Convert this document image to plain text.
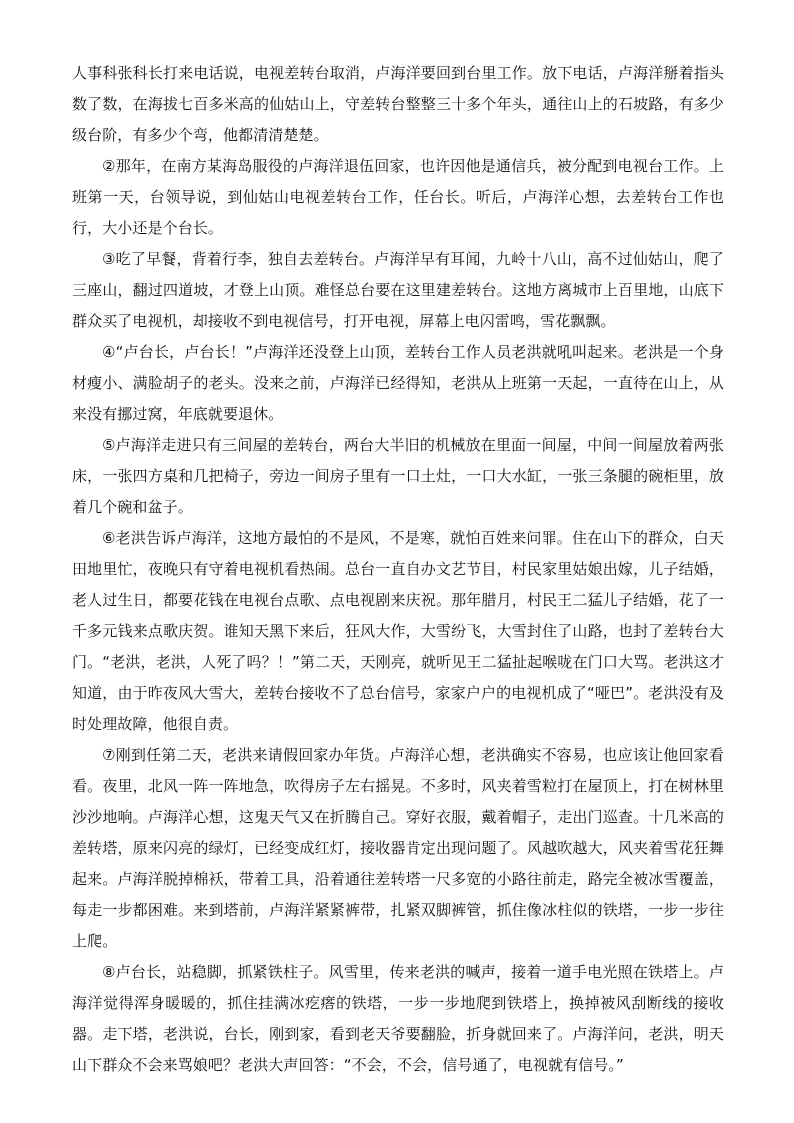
人事科张科长打来电话说，电视差转台取消，卢海洋要回到台里工作。放下电话，卢海洋掰着指头数了数，在海拔七百多米高的仙姑山上，守差转台整整三十多个年头，通往山上的石坡路，有多少级台阶，有多少个弯，他都清清楚楚。

②那年，在南方某海岛服役的卢海洋退伍回家，也许因他是通信兵，被分配到电视台工作。上班第一天，台领导说，到仙姑山电视差转台工作，任台长。听后，卢海洋心想，去差转台工作也行，大小还是个台长。

③吃了早餐，背着行李，独自去差转台。卢海洋早有耳闻，九岭十八山，高不过仙姑山，爬了三座山，翻过四道坡，才登上山顶。难怪总台要在这里建差转台。这地方离城市上百里地，山底下群众买了电视机，却接收不到电视信号，打开电视，屏幕上电闪雷鸣，雪花飘飘。

④“卢台长，卢台长！”卢海洋还没登上山顶，差转台工作人员老洪就吼叫起来。老洪是一个身材瘦小、满脸胡子的老头。没来之前，卢海洋已经得知，老洪从上班第一天起，一直待在山上，从来没有挪过窝，年底就要退休。

⑤卢海洋走进只有三间屋的差转台，两台大半旧的机械放在里面一间屋，中间一间屋放着两张床，一张四方桌和几把椅子，旁边一间房子里有一口土灶，一口大水缸，一张三条腿的碗柜里，放着几个碗和盆子。

⑥老洪告诉卢海洋，这地方最怕的不是风，不是寒，就怕百姓来问罪。住在山下的群众，白天田地里忙，夜晚只有守着电视机看热闹。总台一直自办文艺节目，村民家里姑娘出嫁，儿子结婚，老人过生日，都要花钱在电视台点歌、点电视剧来庆祝。那年腊月，村民王二猛儿子结婚，花了一千多元钱来点歌庆贺。谁知天黑下来后，狂风大作，大雪纷飞，大雪封住了山路，也封了差转台大门。“老洪，老洪，人死了吗？！”第二天，天刚亮，就听见王二猛扯起喉咙在门口大骂。老洪这才知道，由于昨夜风大雪大，差转台接收不了总台信号，家家户户的电视机成了“哑巴”。老洪没有及时处理故障，他很自责。

⑦刚到任第二天，老洪来请假回家办年货。卢海洋心想，老洪确实不容易，也应该让他回家看看。夜里，北风一阵一阵地急，吹得房子左右摇晃。不多时，风夹着雪粒打在屋顶上，打在树林里沙沙地响。卢海洋心想，这鬼天气又在折腾自己。穿好衣服，戴着帽子，走出门巡查。十几米高的差转塔，原来闪亮的绿灯，已经变成红灯，接收器肯定出现问题了。风越吹越大，风夹着雪花狂舞起来。卢海洋脱掉棉袄，带着工具，沿着通往差转塔一尺多宽的小路往前走，路完全被冰雪覆盖，每走一步都困难。来到塔前，卢海洋紧紧裤带，扎紧双脚裤管，抓住像冰柱似的铁塔，一步一步往上爬。

⑧卢台长，站稳脚，抓紧铁柱子。风雪里，传来老洪的喊声，接着一道手电光照在铁塔上。卢海洋觉得浑身暖暖的，抓住挂满冰疙瘩的铁塔，一步一步地爬到铁塔上，换掉被风刮断线的接收器。走下塔，老洪说，台长，刚到家，看到老天爷要翻脸，折身就回来了。卢海洋问，老洪，明天山下群众不会来骂娘吧？老洪大声回答：“不会，不会，信号通了，电视就有信号。”
